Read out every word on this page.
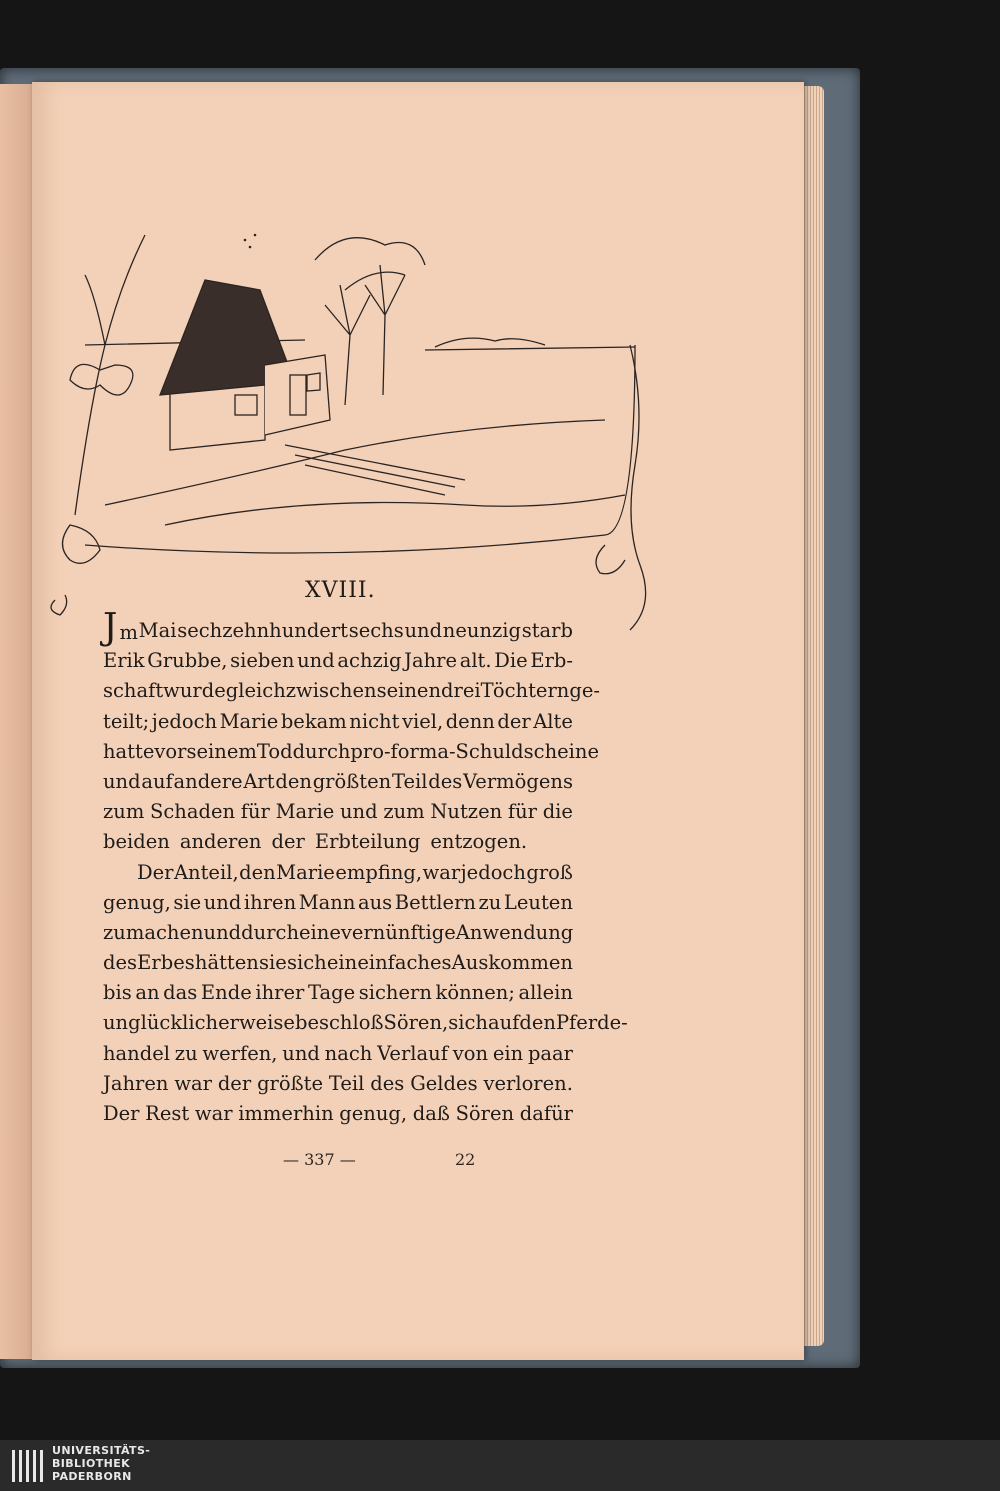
XVIII.
Jm Mai sechzehnhundert sechs und neunzig starb
Erik Grubbe, sieben und achzig Jahre alt. Die Erb-
schaft wurde gleich zwischen seinen drei Töchtern ge-
teilt; jedoch Marie bekam nicht viel, denn der Alte
hatte vor seinem Tod durch pro-forma-Schuldscheine
und auf andere Art den größten Teil des Vermögens
zum Schaden für Marie und zum Nutzen für die
beiden anderen der Erbteilung entzogen.
Der Anteil, den Marie empfing, war jedoch groß
genug, sie und ihren Mann aus Bettlern zu Leuten
zu machen und durch eine vernünftige Anwendung
des Erbes hätten sie sich ein einfaches Auskommen
bis an das Ende ihrer Tage sichern können; allein
unglücklicherweise beschloß Sören, sich auf den Pferde-
handel zu werfen, und nach Verlauf von ein paar
Jahren war der größte Teil des Geldes verloren.
Der Rest war immerhin genug, daß Sören dafür
— 337 —	22
UNIVERSITÄTS-
BIBLIOTHEK
PADERBORN
